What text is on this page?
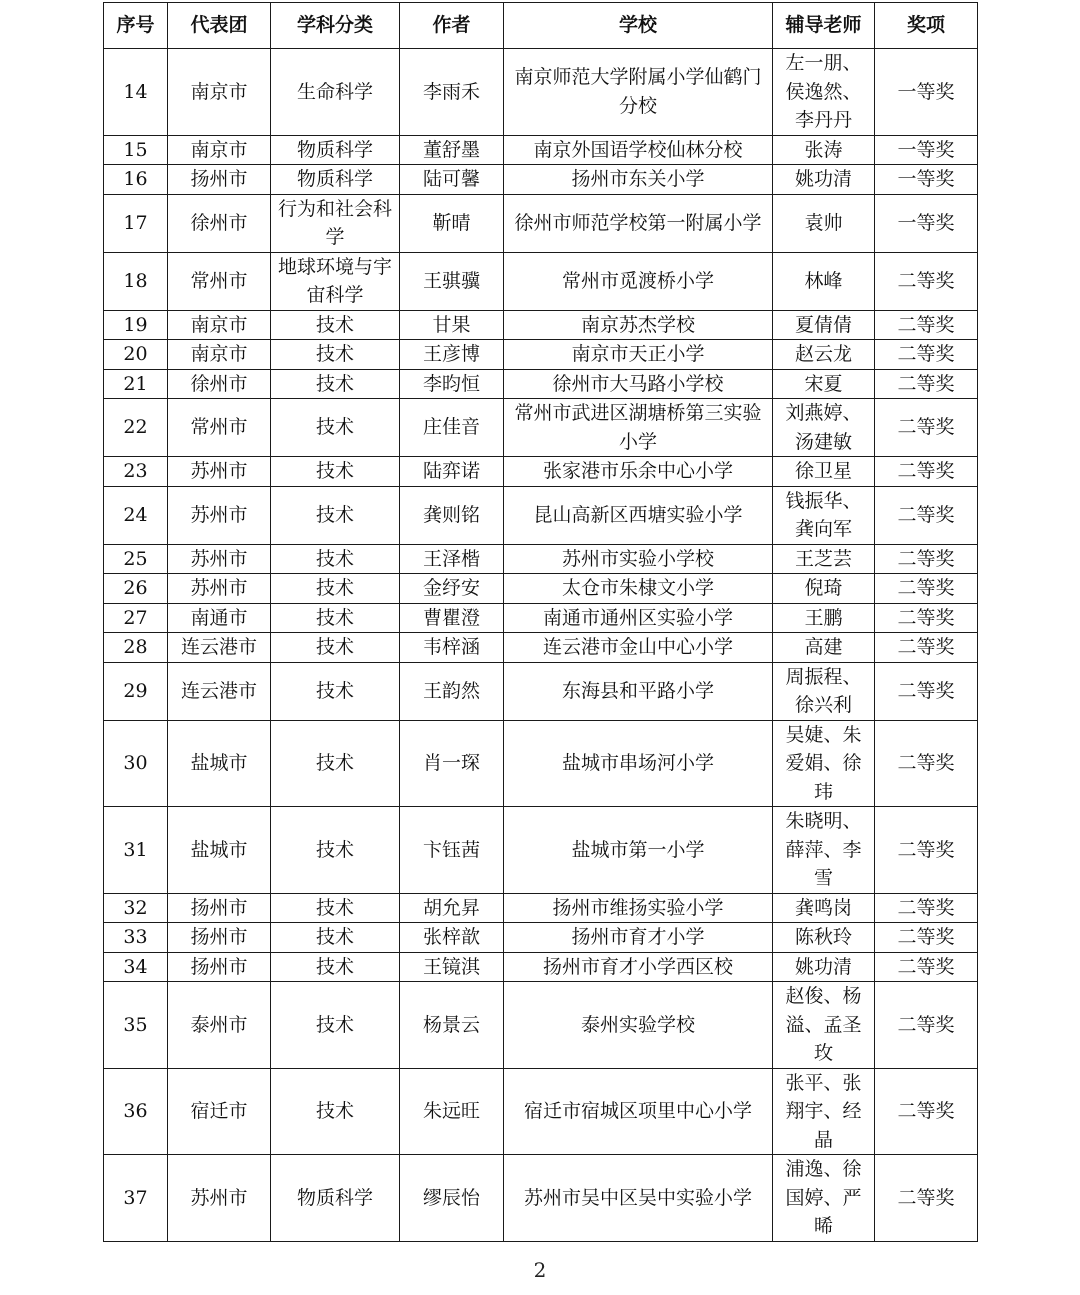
序号	代表团	学科分类	作者	学校	辅导老师	奖项
14	南京市	生命科学	李雨禾	南京师范大学附属小学仙鹤门分校	左一朋、侯逸然、李丹丹	一等奖
15	南京市	物质科学	董舒墨	南京外国语学校仙林分校	张涛	一等奖
16	扬州市	物质科学	陆可馨	扬州市东关小学	姚功清	一等奖
17	徐州市	行为和社会科学	靳晴	徐州市师范学校第一附属小学	袁帅	一等奖
18	常州市	地球环境与宇宙科学	王骐骥	常州市觅渡桥小学	林峰	二等奖
19	南京市	技术	甘果	南京苏杰学校	夏倩倩	二等奖
20	南京市	技术	王彦博	南京市天正小学	赵云龙	二等奖
21	徐州市	技术	李昀恒	徐州市大马路小学校	宋夏	二等奖
22	常州市	技术	庄佳音	常州市武进区湖塘桥第三实验小学	刘燕婷、汤建敏	二等奖
23	苏州市	技术	陆弈诺	张家港市乐余中心小学	徐卫星	二等奖
24	苏州市	技术	龚则铭	昆山高新区西塘实验小学	钱振华、龚向军	二等奖
25	苏州市	技术	王泽楷	苏州市实验小学校	王芝芸	二等奖
26	苏州市	技术	金纾安	太仓市朱棣文小学	倪琦	二等奖
27	南通市	技术	曹瞿澄	南通市通州区实验小学	王鹏	二等奖
28	连云港市	技术	韦梓涵	连云港市金山中心小学	高建	二等奖
29	连云港市	技术	王韵然	东海县和平路小学	周振程、徐兴利	二等奖
30	盐城市	技术	肖一琛	盐城市串场河小学	吴婕、朱爱娟、徐玮	二等奖
31	盐城市	技术	卞钰茜	盐城市第一小学	朱晓明、薛萍、李雪	二等奖
32	扬州市	技术	胡允昇	扬州市维扬实验小学	龚鸣岗	二等奖
33	扬州市	技术	张梓歆	扬州市育才小学	陈秋玲	二等奖
34	扬州市	技术	王镜淇	扬州市育才小学西区校	姚功清	二等奖
35	泰州市	技术	杨景云	泰州实验学校	赵俊、杨溢、孟圣玫	二等奖
36	宿迁市	技术	朱远旺	宿迁市宿城区项里中心小学	张平、张翔宇、经晶	二等奖
37	苏州市	物质科学	缪辰怡	苏州市吴中区吴中实验小学	浦逸、徐国婷、严晞	二等奖
2
